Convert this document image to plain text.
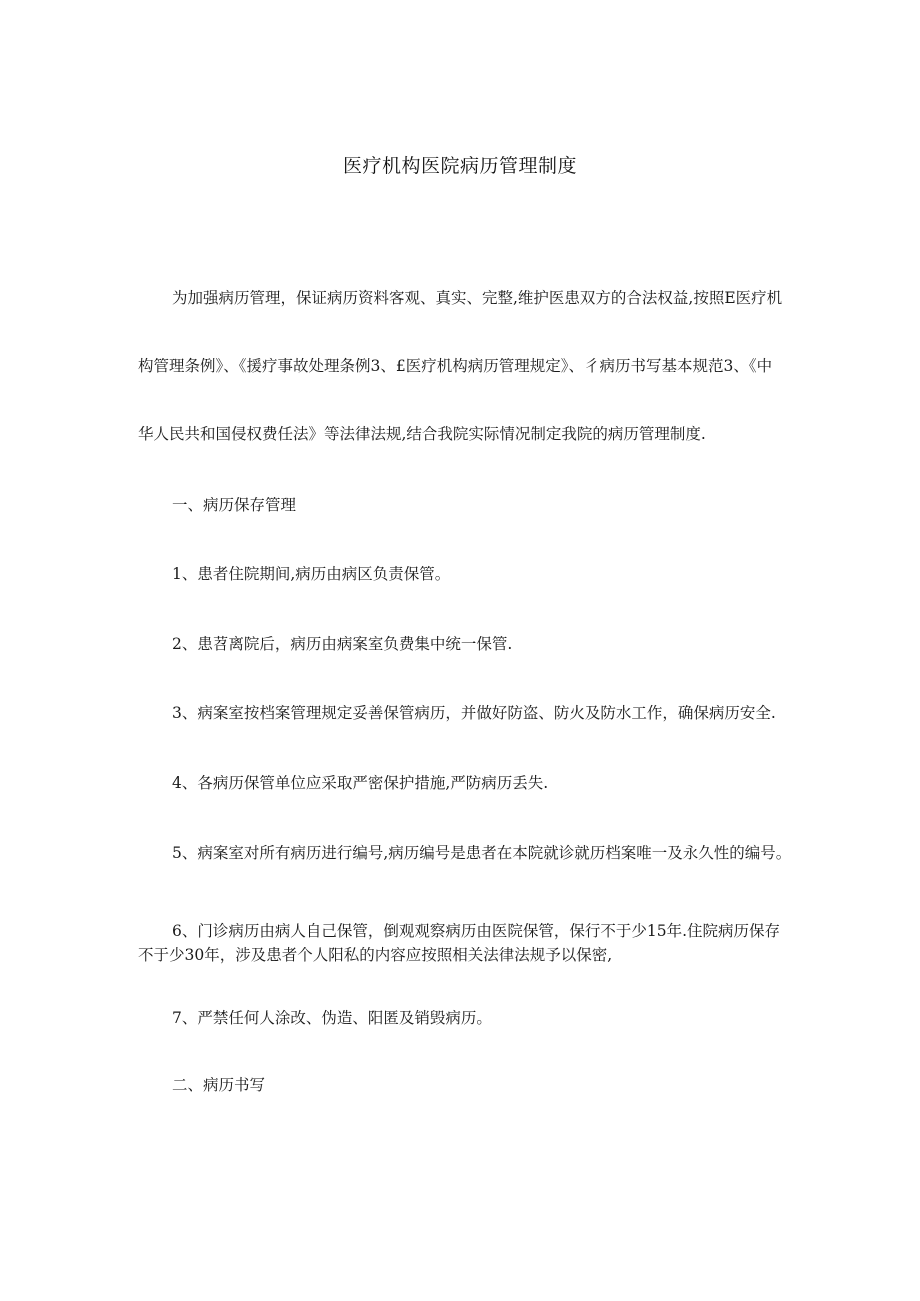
医疗机构医院病历管理制度
为加强病历管理，保证病历资料客观、真实、完整,维护医患双方的合法权益,按照E医疗机
构管理条例》、《援疗事故处理条例3、£医疗机构病历管理规定》、彳病历书写基本规范3、《中
华人民共和国侵权费任法》等法律法规,结合我院实际情况制定我院的病历管理制度.
一、病历保存管理
1、患者住院期间,病历由病区负责保管。
2、患苕离院后，病历由病案室负费集中统一保管.
3、病案室按档案管理规定妥善保管病历，并做好防盗、防火及防水工作，确保病历安全.
4、各病历保管单位应采取严密保护措施,严防病历丢失.
5、病案室对所有病历进行编号,病历编号是患者在本院就诊就历档案唯一及永久性的编号。
6、门诊病历由病人自己保管，倒观观察病历由医院保管，保行不于少15年.住院病历保存
不于少30年，涉及患者个人阳私的内容应按照相关法律法规予以保密,
7、严禁任何人涂改、伪造、阳匿及销毁病历。
二、病历书写
